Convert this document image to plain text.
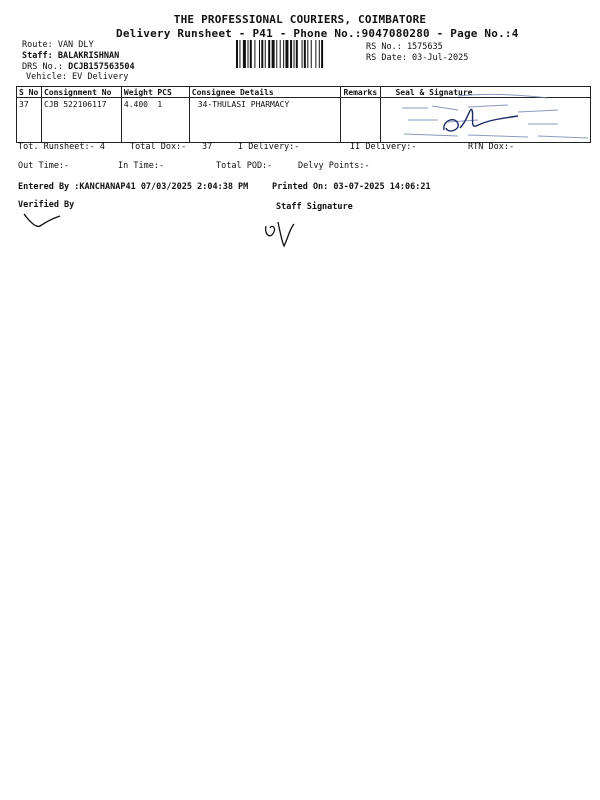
THE PROFESSIONAL COURIERS, COIMBATORE
Delivery Runsheet - P41 - Phone No.:9047080280 - Page No.:4
Route: VAN DLY
Staff: BALAKRISHNAN
DRS No.: DCJB157563504
Vehicle: EV Delivery
RS No.: 1575635
RS Date: 03-Jul-2025
S No	Consignment No	Weight	PCS	Consignee Details	Remarks	Seal & Signature
37	CJB 522106117	4.400	1	34-THULASI PHARMACY		
Tot. Runsheet:- 4	Total Dox:- 37	I Delivery:-	II Delivery:-	RTN Dox:-
Out Time:-	In Time:-	Total POD:-	Delvy Points:-
Entered By :KANCHANAP41 07/03/2025 2:04:38 PM	Printed On: 03-07-2025 14:06:21
Verified By	Staff Signature
